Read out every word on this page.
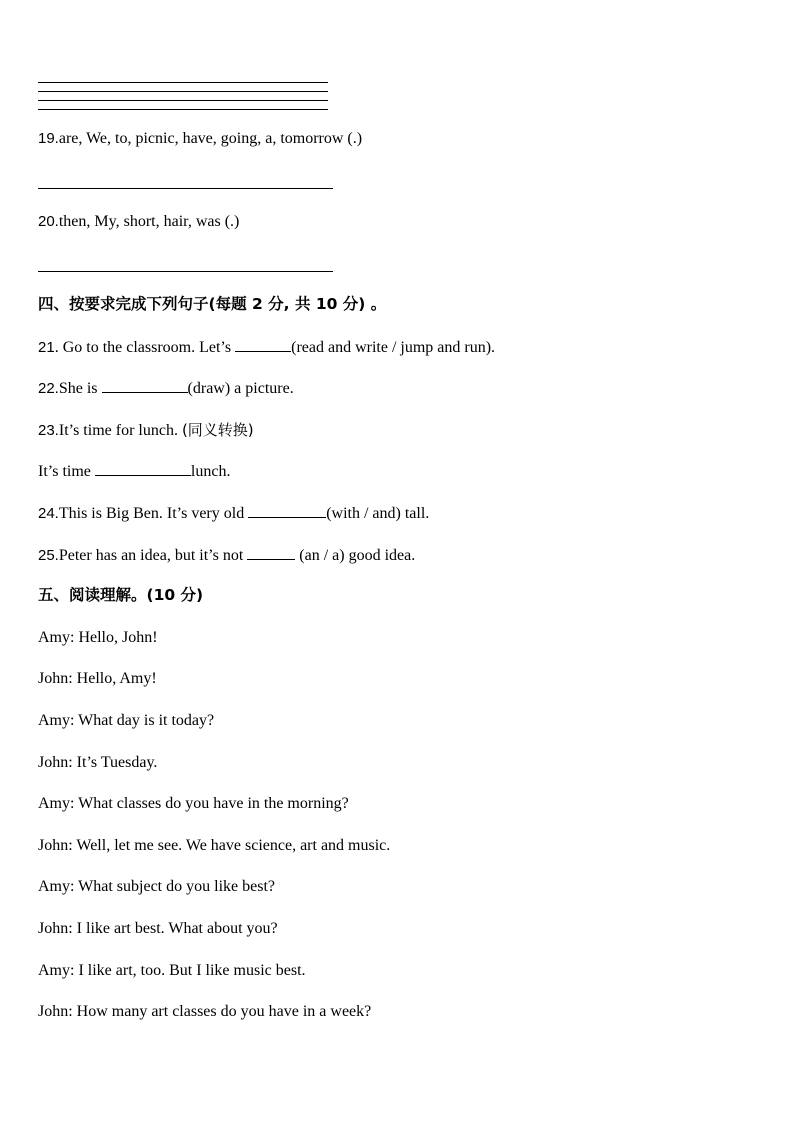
19.are, We, to, picnic, have, going, a, tomorrow (.)
20.then, My, short, hair, was (.)
四、按要求完成下列句子(每题 2 分, 共 10 分) 。
21. Go to the classroom. Let’s	(read and write / jump and run).
22.She is	(draw) a picture.
23.It’s time for lunch. (同义转换)
It’s time	lunch.
24.This is Big Ben. It’s very old	(with / and) tall.
25.Peter has an idea, but it’s not	(an / a) good idea.
五、阅读理解。(10 分)
Amy: Hello, John!
John: Hello, Amy!
Amy: What day is it today?
John: It’s Tuesday.
Amy: What classes do you have in the morning?
John: Well, let me see. We have science, art and music.
Amy: What subject do you like best?
John: I like art best. What about you?
Amy: I like art, too. But I like music best.
John: How many art classes do you have in a week?
